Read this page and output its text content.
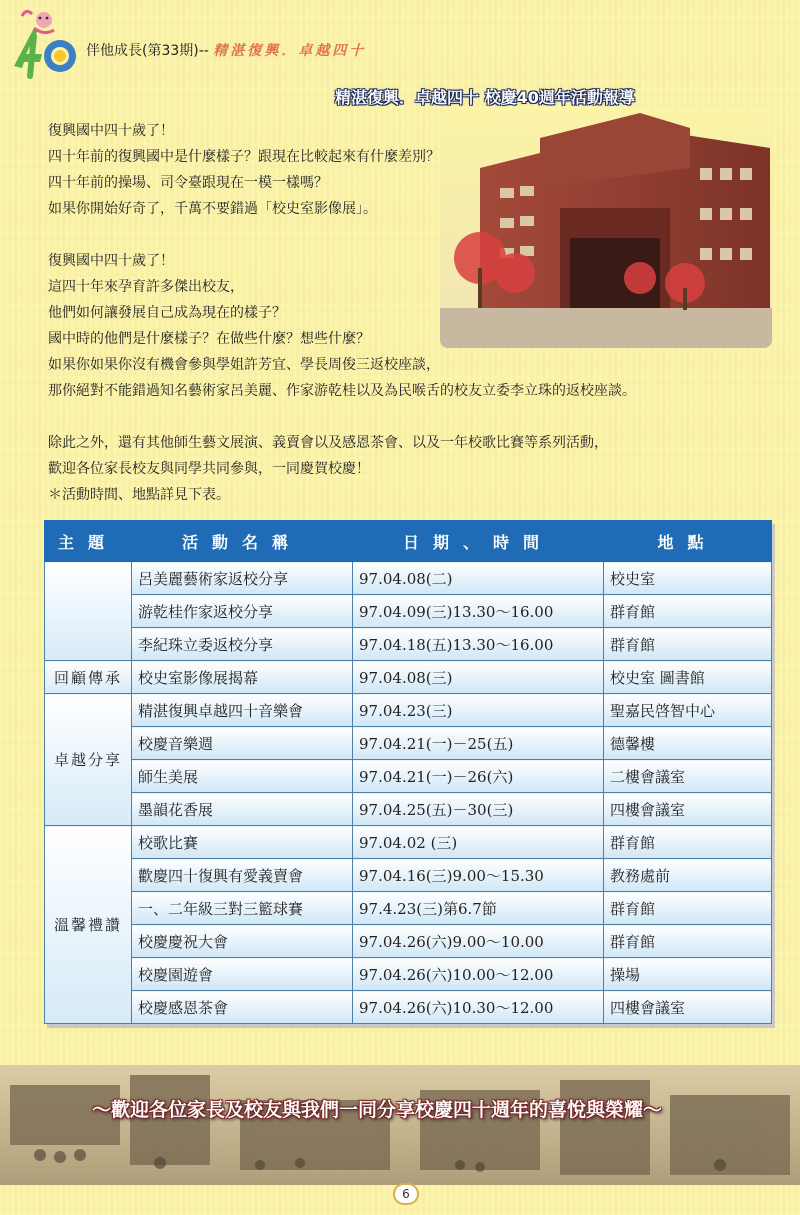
伴他成長(第33期)-- 精湛復興．卓越四十
精湛復興．卓越四十 校慶40週年活動報導

復興國中四十歲了！

四十年前的復興國中是什麼樣子？跟現在比較起來有什麼差別？

四十年前的操場、司令臺跟現在一模一樣嗎？

如果你開始好奇了，千萬不要錯過「校史室影像展」。

復興國中四十歲了！

這四十年來孕育許多傑出校友，

他們如何讓發展自己成為現在的樣子？

國中時的他們是什麼樣子？在做些什麼？想些什麼？

如果你如果你沒有機會參與學姐許芳宜、學長周俊三返校座談，

那你絕對不能錯過知名藝術家呂美麗、作家游乾桂以及為民喉舌的校友立委李立珠的返校座談。

除此之外，還有其他師生藝文展演、義賣會以及感恩茶會、以及一年校歌比賽等系列活動，

歡迎各位家長校友與同學共同參與，一同慶賀校慶！

＊活動時間、地點詳見下表。

主題	活動名稱	日期、時間	地點
	呂美麗藝術家返校分享	97.04.08(二)	校史室
	游乾桂作家返校分享	97.04.09(三)13.30～16.00	群育館
	李紀珠立委返校分享	97.04.18(五)13.30～16.00	群育館
回顧傳承	校史室影像展揭幕	97.04.08(三)	校史室 圖書館
卓越分享	精湛復興卓越四十音樂會	97.04.23(三)	聖嘉民啓智中心
	校慶音樂週	97.04.21(一)－25(五)	德馨樓
	師生美展	97.04.21(一)－26(六)	二樓會議室
	墨韻花香展	97.04.25(五)－30(三)	四樓會議室
溫馨禮讚	校歌比賽	97.04.02 (三)	群育館
	歡慶四十復興有愛義賣會	97.04.16(三)9.00～15.30	教務處前
	一、二年級三對三籃球賽	97.4.23(三)第6.7節	群育館
	校慶慶祝大會	97.04.26(六)9.00～10.00	群育館
	校慶園遊會	97.04.26(六)10.00～12.00	操場
	校慶感恩茶會	97.04.26(六)10.30～12.00	四樓會議室
～歡迎各位家長及校友與我們一同分享校慶四十週年的喜悅與榮耀～
6
